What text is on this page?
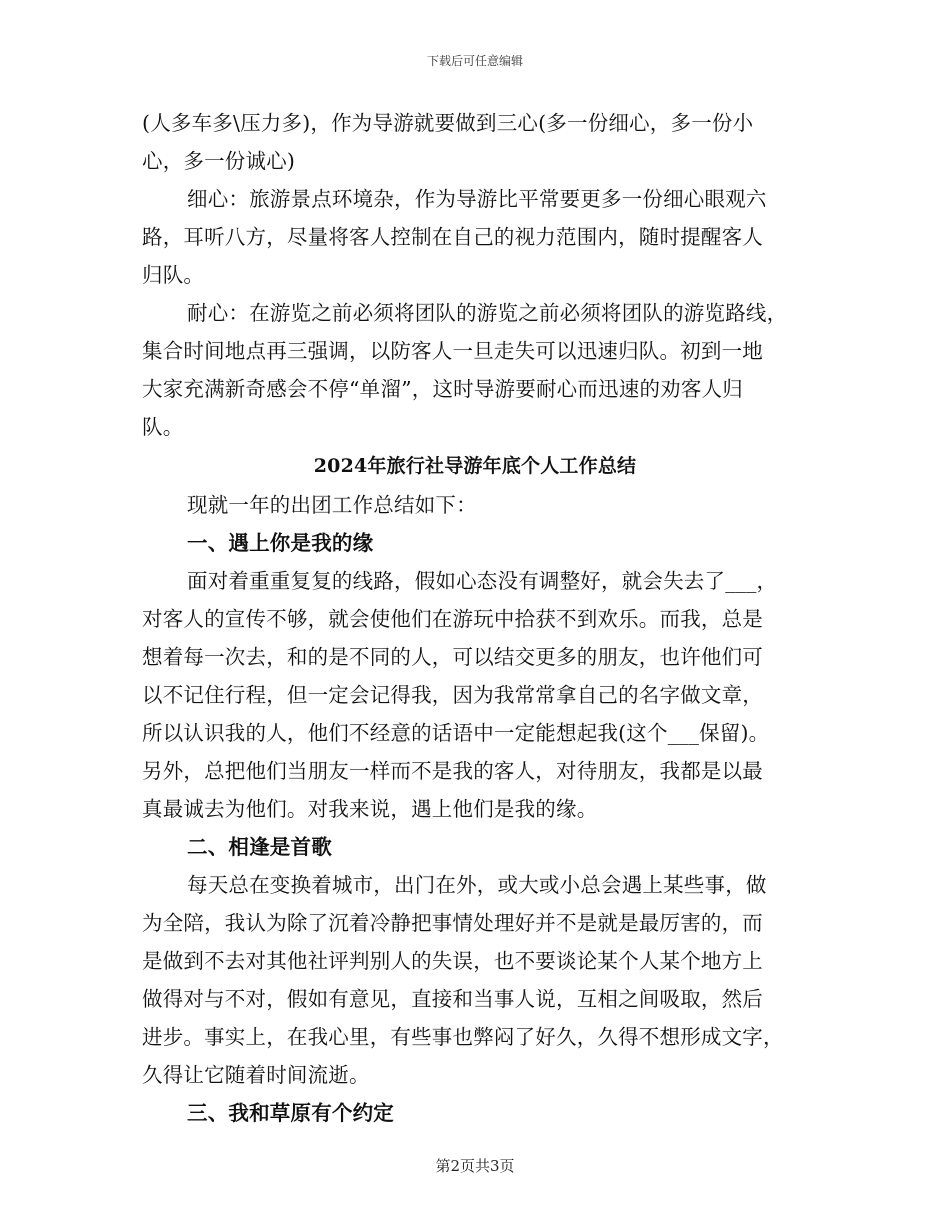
下载后可任意编辑
(人多车多\压力多)，作为导游就要做到三心(多一份细心，多一份小
心，多一份诚心)
细心：旅游景点环境杂，作为导游比平常要更多一份细心眼观六
路，耳听八方，尽量将客人控制在自己的视力范围内，随时提醒客人
归队。
耐心：在游览之前必须将团队的游览之前必须将团队的游览路线，
集合时间地点再三强调，以防客人一旦走失可以迅速归队。初到一地
大家充满新奇感会不停“单溜”，这时导游要耐心而迅速的劝客人归
队。
2024年旅行社导游年底个人工作总结
现就一年的出团工作总结如下：
一、遇上你是我的缘
面对着重重复复的线路，假如心态没有调整好，就会失去了___，
对客人的宣传不够，就会使他们在游玩中拾获不到欢乐。而我，总是
想着每一次去，和的是不同的人，可以结交更多的朋友，也许他们可
以不记住行程，但一定会记得我，因为我常常拿自己的名字做文章，
所以认识我的人，他们不经意的话语中一定能想起我(这个___保留)。
另外，总把他们当朋友一样而不是我的客人，对待朋友，我都是以最
真最诚去为他们。对我来说，遇上他们是我的缘。
二、相逢是首歌
每天总在变换着城市，出门在外，或大或小总会遇上某些事，做
为全陪，我认为除了沉着冷静把事情处理好并不是就是最厉害的，而
是做到不去对其他社评判别人的失误，也不要谈论某个人某个地方上
做得对与不对，假如有意见，直接和当事人说，互相之间吸取，然后
进步。事实上，在我心里，有些事也弊闷了好久，久得不想形成文字，
久得让它随着时间流逝。
三、我和草原有个约定
第2页共3页
